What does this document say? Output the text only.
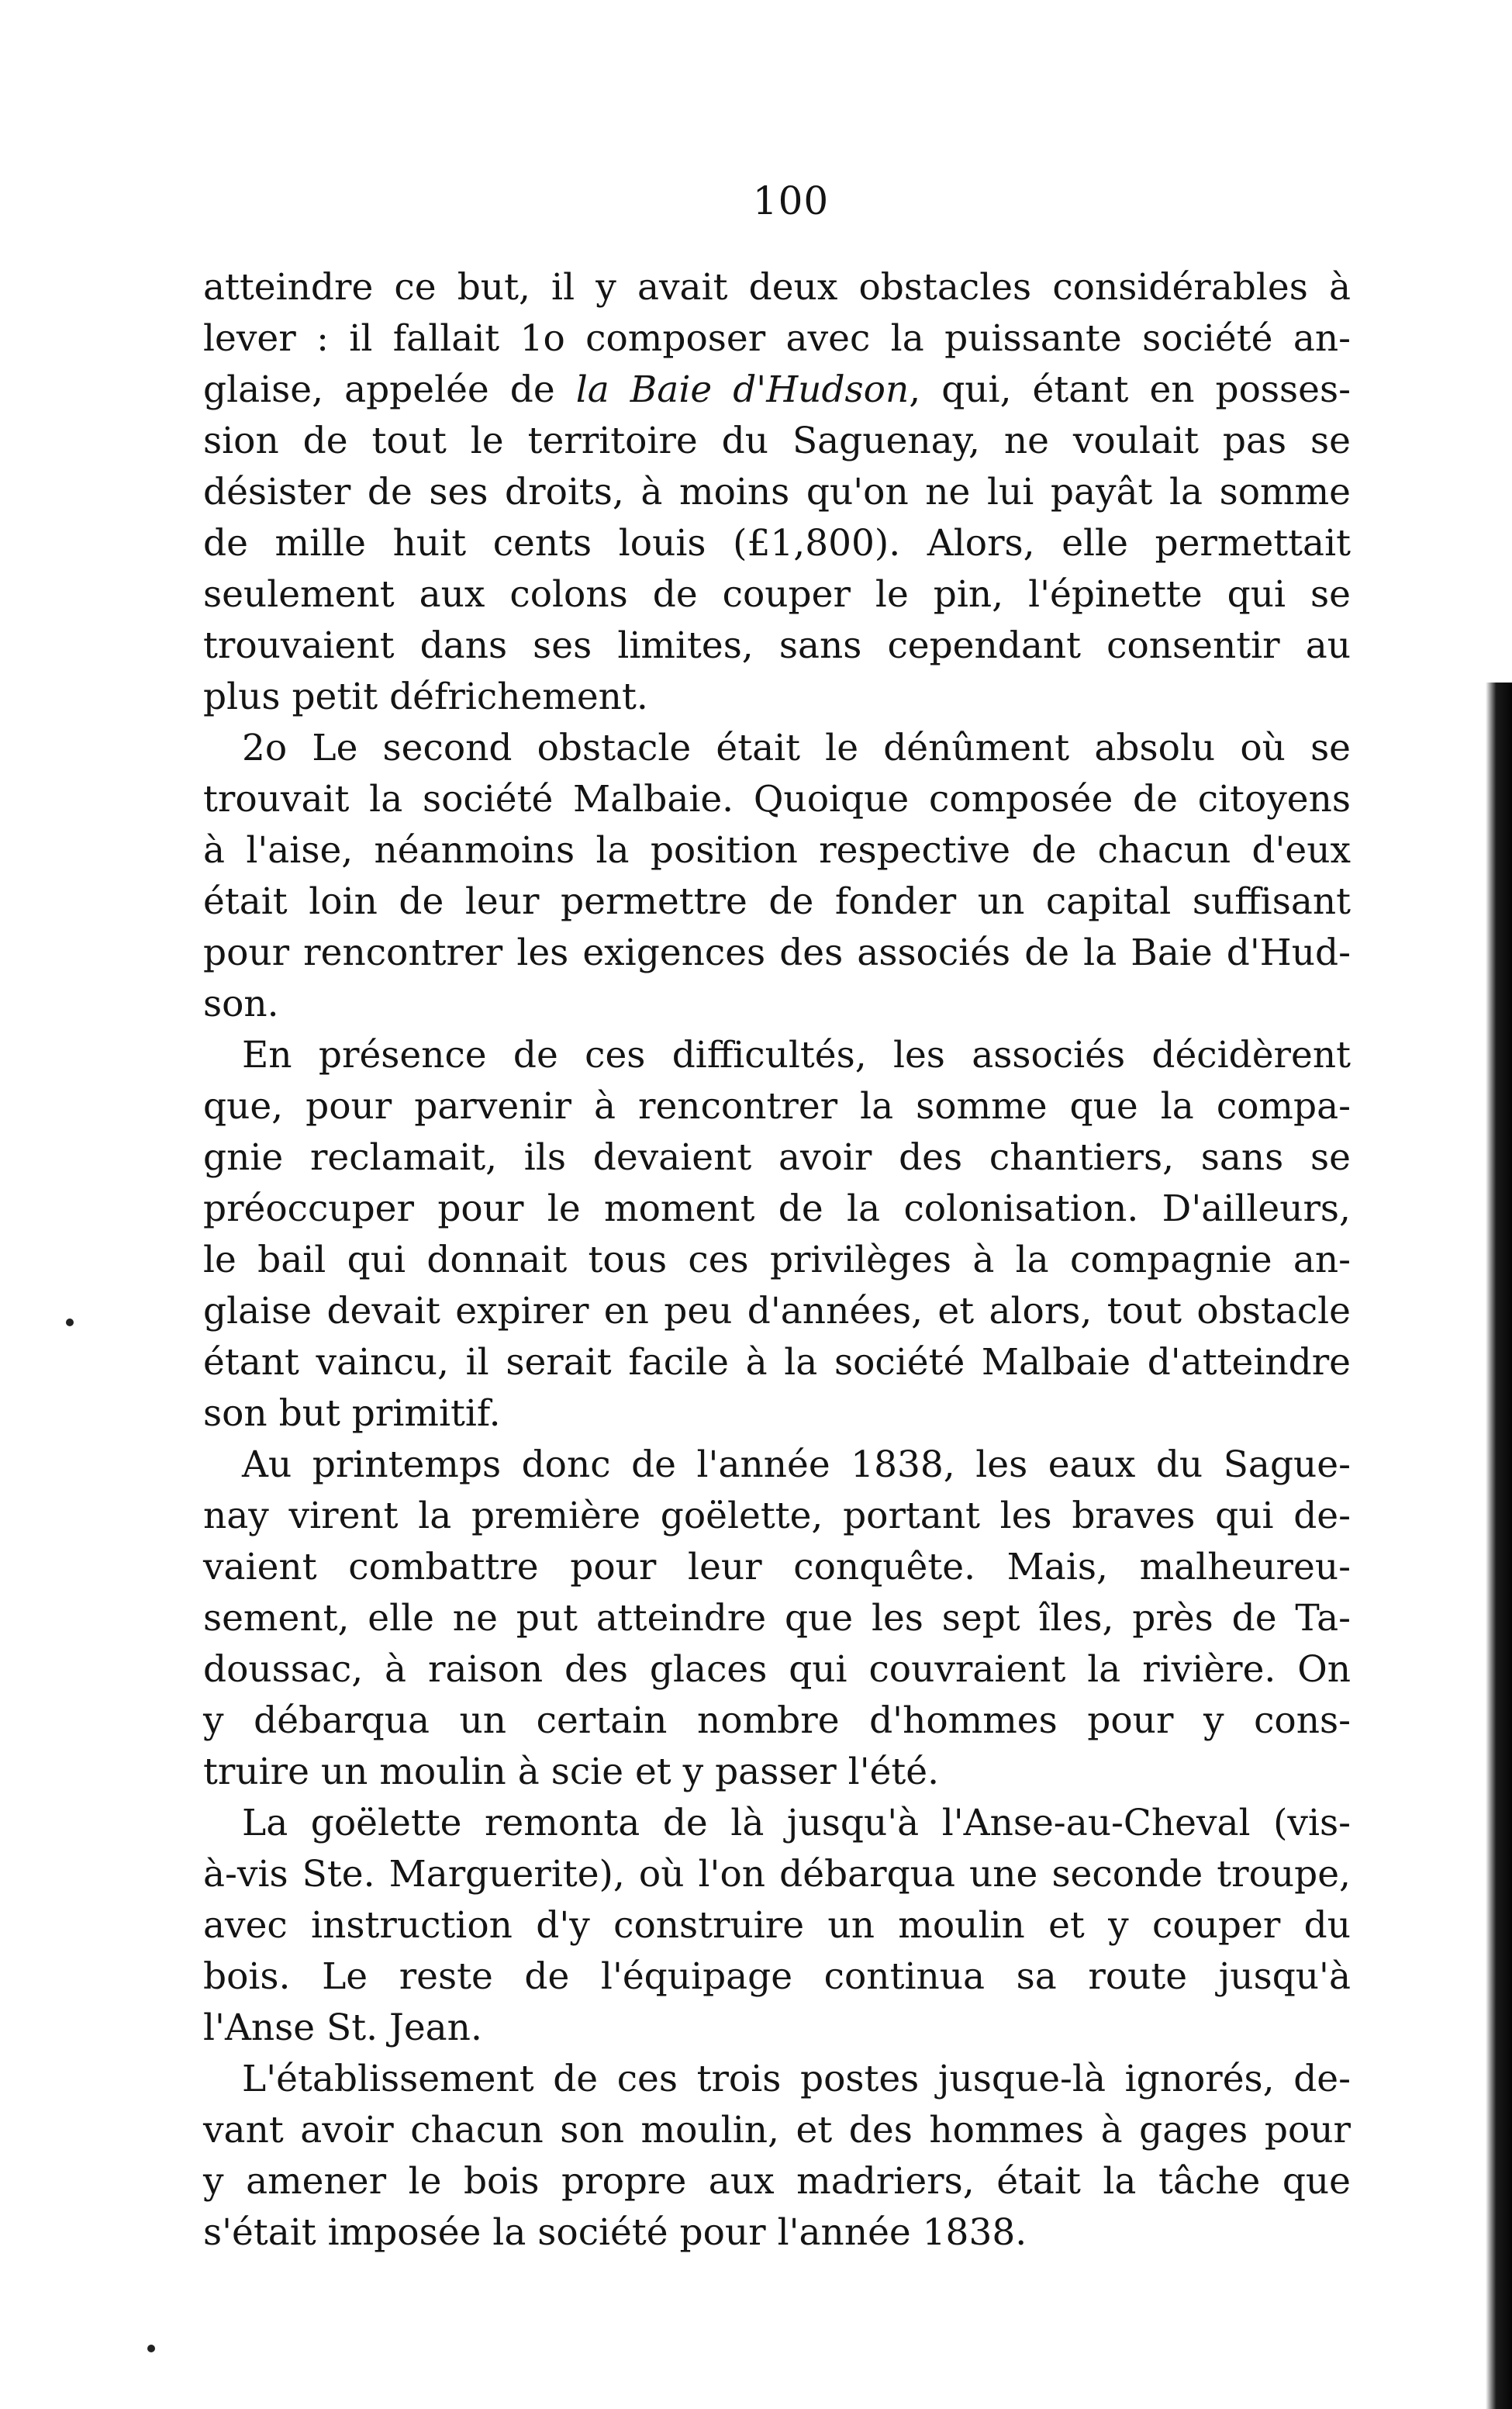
100
atteindre ce but, il y avait deux obstacles considérables à
lever : il fallait 1o composer avec la puissante société an-
glaise, appelée de la Baie d'Hudson, qui, étant en posses-
sion de tout le territoire du Saguenay, ne voulait pas se
désister de ses droits, à moins qu'on ne lui payât la somme
de mille huit cents louis (£1,800). Alors, elle permettait
seulement aux colons de couper le pin, l'épinette qui se
trouvaient dans ses limites, sans cependant consentir au
plus petit défrichement.
2o Le second obstacle était le dénûment absolu où se
trouvait la société Malbaie. Quoique composée de citoyens
à l'aise, néanmoins la position respective de chacun d'eux
était loin de leur permettre de fonder un capital suffisant
pour rencontrer les exigences des associés de la Baie d'Hud-
son.
En présence de ces difficultés, les associés décidèrent
que, pour parvenir à rencontrer la somme que la compa-
gnie reclamait, ils devaient avoir des chantiers, sans se
préoccuper pour le moment de la colonisation. D'ailleurs,
le bail qui donnait tous ces privilèges à la compagnie an-
glaise devait expirer en peu d'années, et alors, tout obstacle
étant vaincu, il serait facile à la société Malbaie d'atteindre
son but primitif.
Au printemps donc de l'année 1838, les eaux du Sague-
nay virent la première goëlette, portant les braves qui de-
vaient combattre pour leur conquête. Mais, malheureu-
sement, elle ne put atteindre que les sept îles, près de Ta-
doussac, à raison des glaces qui couvraient la rivière. On
y débarqua un certain nombre d'hommes pour y cons-
truire un moulin à scie et y passer l'été.
La goëlette remonta de là jusqu'à l'Anse-au-Cheval (vis-
à-vis Ste. Marguerite), où l'on débarqua une seconde troupe,
avec instruction d'y construire un moulin et y couper du
bois. Le reste de l'équipage continua sa route jusqu'à
l'Anse St. Jean.
L'établissement de ces trois postes jusque-là ignorés, de-
vant avoir chacun son moulin, et des hommes à gages pour
y amener le bois propre aux madriers, était la tâche que
s'était imposée la société pour l'année 1838.
